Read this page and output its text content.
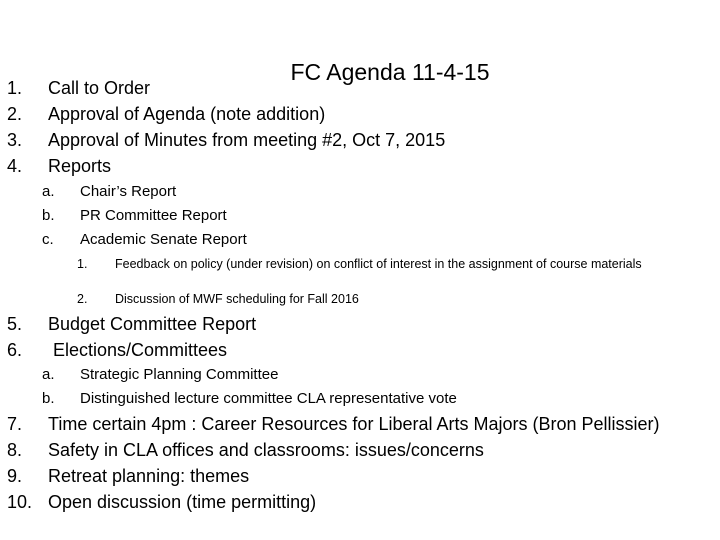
FC Agenda 11-4-15
1. Call to Order
2. Approval of Agenda (note addition)
3. Approval of Minutes from meeting #2, Oct 7, 2015
4. Reports
a. Chair’s Report
b. PR Committee Report
c. Academic Senate Report
1. Feedback on policy (under revision) on conflict of interest in the assignment of course materials
2. Discussion of MWF scheduling for Fall 2016
5. Budget Committee Report
6. Elections/Committees
a. Strategic Planning Committee
b. Distinguished lecture committee CLA representative vote
7. Time certain 4pm : Career Resources for Liberal Arts Majors (Bron Pellissier)
8. Safety in CLA offices and classrooms: issues/concerns
9. Retreat planning: themes
10. Open discussion (time permitting)
